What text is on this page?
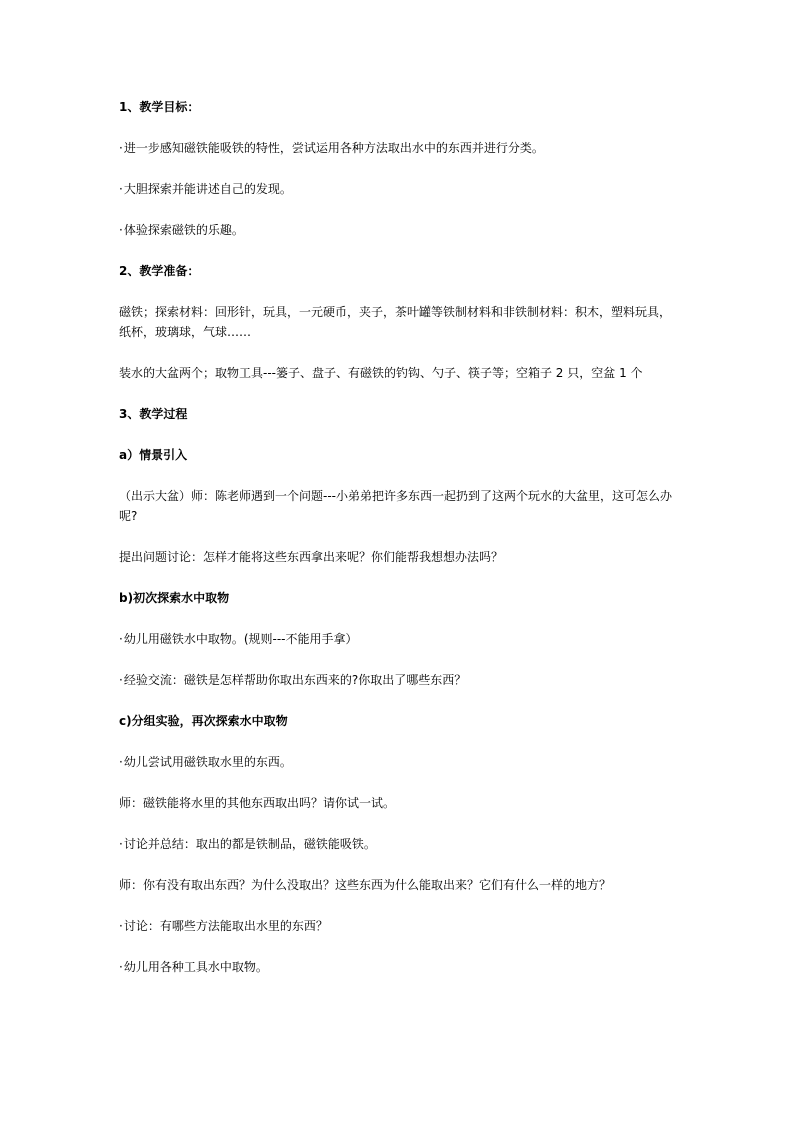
1、教学目标：

·进一步感知磁铁能吸铁的特性，尝试运用各种方法取出水中的东西并进行分类。

·大胆探索并能讲述自己的发现。

·体验探索磁铁的乐趣。

2、教学准备：

磁铁；探索材料：回形针，玩具，一元硬币，夹子，茶叶罐等铁制材料和非铁制材料：积木，塑料玩具，纸杯，玻璃球，气球……

装水的大盆两个；取物工具---篓子、盘子、有磁铁的钓钩、勺子、筷子等；空箱子 2 只，空盆 1 个

3、教学过程

a）情景引入

（出示大盆）师：陈老师遇到一个问题---小弟弟把许多东西一起扔到了这两个玩水的大盆里，这可怎么办呢?

提出问题讨论：怎样才能将这些东西拿出来呢？你们能帮我想想办法吗？

b)初次探索水中取物

·幼儿用磁铁水中取物。(规则---不能用手拿）

·经验交流：磁铁是怎样帮助你取出东西来的?你取出了哪些东西？

c)分组实验，再次探索水中取物

·幼儿尝试用磁铁取水里的东西。

师：磁铁能将水里的其他东西取出吗？请你试一试。

·讨论并总结：取出的都是铁制品，磁铁能吸铁。

师：你有没有取出东西？为什么没取出？这些东西为什么能取出来？它们有什么一样的地方？

·讨论：有哪些方法能取出水里的东西？

·幼儿用各种工具水中取物。
